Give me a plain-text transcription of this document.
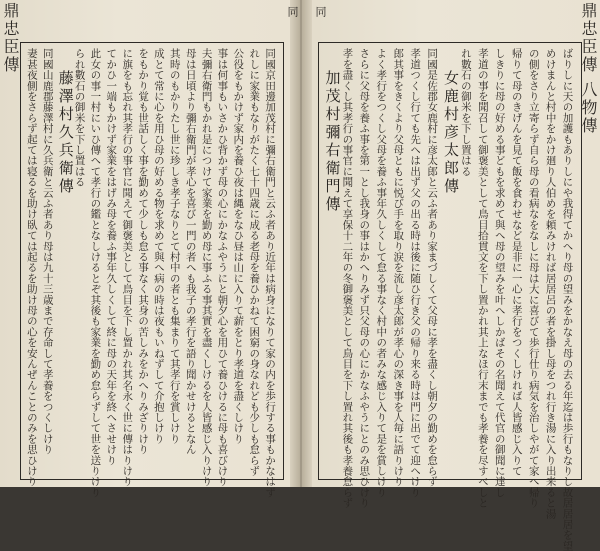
鼎忠臣傳	鼎忠臣傳 八物傳
ばりしに天の加護もありしにや我得てかへり母の望みをかなえ母の去る年迄は歩行もなりし故居居居を望
めけまんと村中をかけ廻り人伯めを頼みければ居居呂の者を掛し母をつれ行き湯に入り出来ると湯
の側をさり立寄らず自ら母の看病なをなしに母は大に喜びて歩行仕り病気を治しやがて家へ帰り
帰りて母のきげんを見て飯を食わせなど是非に一心に孝行をつくしければ人皆感じ入りて
しきりに母の好める事どもを求めて與へ母の望みを叶へしかばその名聞えて代官の御聞に達し
孝道の事を聞召して御褒美として鳥目拾貫文を下し置かれ其上なほ行末までも孝養を尽すべしと
れ數石の御米を下し置はる
女鹿村彦太郎傳
同國是佐郡女鹿村に彦太郎と云ふ者あり家まづしくて父母に孝を盡くし朝夕の勤めを怠らず
孝道つくし行ても先へは出ず父の出る時は後に随ひ行き父の帰り来る時は門に出でて迎へけり
郎其事をきくより父母ともに悦び手を取り涙を流し彦太郎が孝心の深き事を人毎に語りけり
よく孝行をつくし父母を養ふ事年久しくして怠る事なく村中の者みな感じ入りて是を賞しけり
さらに父母を養ふ事を第一とし我身の事はかへりみず只父母の心にかなふやうにとのみ思ひけり
孝を盡くし其孝行の事官に聞えて享保十二年の冬御褒美として鳥目を下し置れ其後も孝養怠らず
加茂村彌右衛門傳
同國京田邊加茂村に彌右衛門と云ふ者あり近年は病身になりて家の内を歩行する事もかなはず
れしに家業もなりがたく七十四歳に成る老母を養ひかねて困窮の身なれども少しも怠らず
公役をもかけず家内を養ひ夜は縄をなひ昼は山に入りて薪をとり孝道を盡くしけり
事は何事もいさかひ背かず母の心にかなふやうにと朝夕心を用ひて養ひけるに母も喜びけり
夫彌右衛門もかれ是につけて家業を勤め母に事ふる事其實を盡くしけるを人皆感じ入りけり
母は日頃より彌右衛門が孝心を喜び一門の者へも我子の孝行を語り聞かせけるとなん
其時のもかりたし世に珍しき孝子なりとて村中の者とも集まりて其孝行を賞しけり
成とて常に心を用ひ母の好める物を求めて與へ病の時は夜もいねずして介抱しけり
をもかり覚も世話しく事を勤めて少しも怠る事なく其身の苦しみをかへりみざりけり
に旗をも忘れ其孝行の事官に聞えて御褒美として鳥目を下し置かれ其名永く世に傳はりけり
てかひ一端もかけず家業をはげみ母を養ふ事年久しくして終に母の天年を終へさせけり
此女の事一村にいひ傳へて孝行の鑑となしけるとぞ其後も家業を勤め怠らずして世を送りけり
られ數石の御米を下し置はる
藤澤村久兵衛傳
同國山鹿郡藤澤村に久兵衛と云ふ者あり母は九十三歳まで存命して孝養をつくしけり
妻甚夜側をさらず起ては寝るを助け臥ては起るを助け母の心を安んぜんことのみを思ひけり
同 同
